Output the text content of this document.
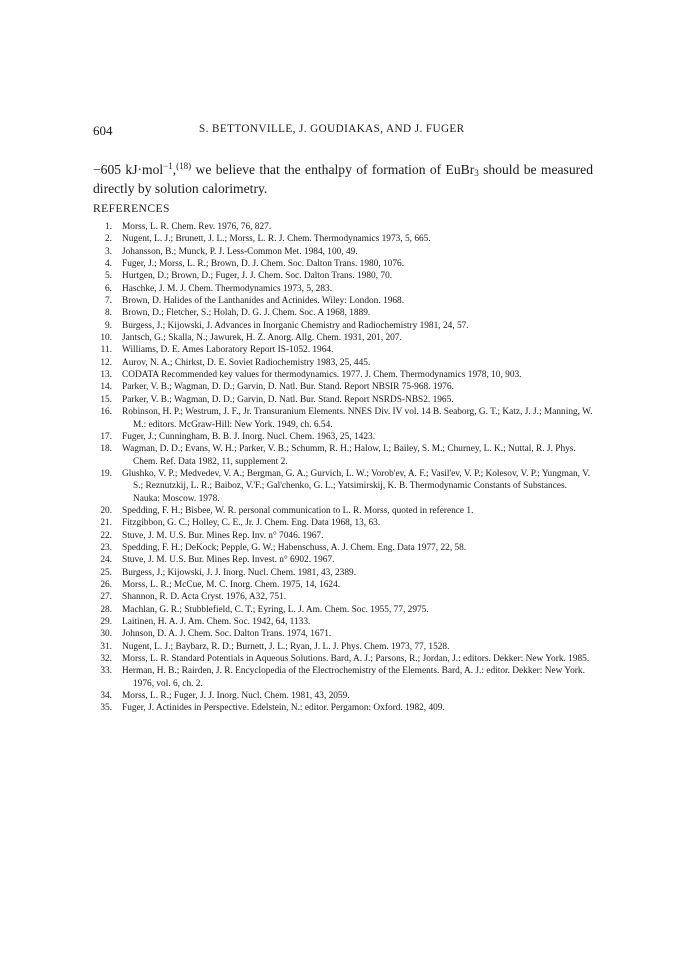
604	S. BETTONVILLE, J. GOUDIAKAS, AND J. FUGER

−605 kJ·mol$^{-1}$,$^{(18)}$ we believe that the enthalpy of formation of EuBr$_3$ should be measured directly by solution calorimetry.

REFERENCES
1. Morss, L. R. Chem. Rev. 1976, 76, 827.
2. Nugent, L. J.; Brunett, J. L.; Morss, L. R. J. Chem. Thermodynamics 1973, 5, 665.
3. Johansson, B.; Munck, P. J. Less-Common Met. 1984, 100, 49.
4. Fuger, J.; Morss, L. R.; Brown, D. J. Chem. Soc. Dalton Trans. 1980, 1076.
5. Hurtgen, D.; Brown, D.; Fuger, J. J. Chem. Soc. Dalton Trans. 1980, 70.
6. Haschke, J. M. J. Chem. Thermodynamics 1973, 5, 283.
7. Brown, D. Halides of the Lanthanides and Actinides. Wiley: London. 1968.
8. Brown, D.; Fletcher, S.; Holah, D. G. J. Chem. Soc. A 1968, 1889.
9. Burgess, J.; Kijowski, J. Advances in Inorganic Chemistry and Radiochemistry 1981, 24, 57.
10. Jantsch, G.; Skalla, N.; Jawurek, H. Z. Anorg. Allg. Chem. 1931, 201, 207.
11. Williams, D. E. Ames Laboratory Report IS-1052. 1964.
12. Aurov, N. A.; Chirkst, D. E. Soviet Radiochemistry 1983, 25, 445.
13. CODATA Recommended key values for thermodynamics. 1977. J. Chem. Thermodynamics 1978, 10, 903.
14. Parker, V. B.; Wagman, D. D.; Garvin, D. Natl. Bur. Stand. Report NBSIR 75-968. 1976.
15. Parker, V. B.; Wagman, D. D.; Garvin, D. Natl. Bur. Stand. Report NSRDS-NBS2. 1965.
16. Robinson, H. P.; Westrum, J. F., Jr. Transuranium Elements. NNES Div. IV vol. 14 B. Seaborg, G. T.; Katz, J. J.; Manning, W. M.: editors. McGraw-Hill: New York. 1949, ch. 6.54.
17. Fuger, J.; Cunningham, B. B. J. Inorg. Nucl. Chem. 1963, 25, 1423.
18. Wagman, D. D.; Evans, W. H.; Parker, V. B.; Schumm, R. H.; Halow, I.; Bailey, S. M.; Churney, L. K.; Nuttal, R. J. Phys. Chem. Ref. Data 1982, 11, supplement 2.
19. Glushko, V. P.; Medvedev, V. A.; Bergman, G. A.; Gurvich, L. W.; Vorob'ev, A. F.; Vasil'ev, V. P.; Kolesov, V. P.; Yungman, V. S.; Reznutzkij, L. R.; Baiboz, V.'F.; Gal'chenko, G. L.; Yatsimirskij, K. B. Thermodynamic Constants of Substances. Nauka: Moscow. 1978.
20. Spedding, F. H.; Bisbee, W. R. personal communication to L. R. Morss, quoted in reference 1.
21. Fitzgibbon, G. C.; Holley, C. E., Jr. J. Chem. Eng. Data 1968, 13, 63.
22. Stuve, J. M. U.S. Bur. Mines Rep. Inv. n° 7046. 1967.
23. Spedding, F. H.; DeKock; Pepple, G. W.; Habenschuss, A. J. Chem. Eng. Data 1977, 22, 58.
24. Stuve, J. M. U.S. Bur. Mines Rep. Invest. n° 6902. 1967.
25. Burgess, J.; Kijowski, J. J. Inorg. Nucl. Chem. 1981, 43, 2389.
26. Morss, L. R.; McCue, M. C. Inorg. Chem. 1975, 14, 1624.
27. Shannon, R. D. Acta Cryst. 1976, A32, 751.
28. Machlan, G. R.; Stubblefield, C. T.; Eyring, L. J. Am. Chem. Soc. 1955, 77, 2975.
29. Laitinen, H. A. J. Am. Chem. Soc. 1942, 64, 1133.
30. Johnson, D. A. J. Chem. Soc. Dalton Trans. 1974, 1671.
31. Nugent, L. J.; Baybarz, R. D.; Burnett, J. L.; Ryan, J. L. J. Phys. Chem. 1973, 77, 1528.
32. Morss, L. R. Standard Potentials in Aqueous Solutions. Bard, A. J.; Parsons, R.; Jordan, J.: editors. Dekker: New York. 1985.
33. Herman, H. B.; Rairden, J. R. Encyclopedia of the Electrochemistry of the Elements. Bard, A. J.: editor. Dekker: New York. 1976, vol. 6, ch. 2.
34. Morss, L. R.; Fuger, J. J. Inorg. Nucl. Chem. 1981, 43, 2059.
35. Fuger, J. Actinides in Perspective. Edelstein, N.: editor. Pergamon: Oxford. 1982, 409.
